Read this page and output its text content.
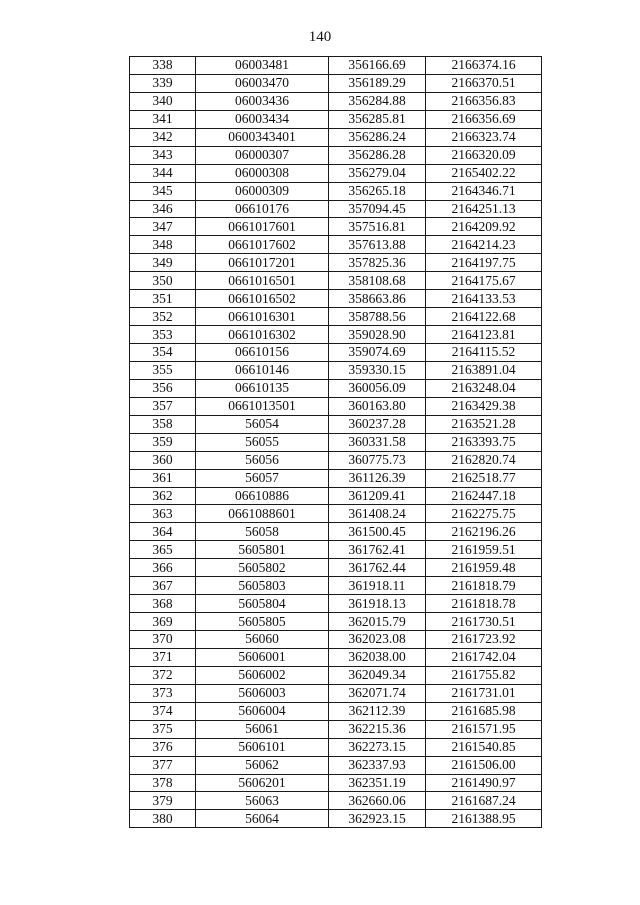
140
338	06003481	356166.69	2166374.16
339	06003470	356189.29	2166370.51
340	06003436	356284.88	2166356.83
341	06003434	356285.81	2166356.69
342	0600343401	356286.24	2166323.74
343	06000307	356286.28	2166320.09
344	06000308	356279.04	2165402.22
345	06000309	356265.18	2164346.71
346	06610176	357094.45	2164251.13
347	0661017601	357516.81	2164209.92
348	0661017602	357613.88	2164214.23
349	0661017201	357825.36	2164197.75
350	0661016501	358108.68	2164175.67
351	0661016502	358663.86	2164133.53
352	0661016301	358788.56	2164122.68
353	0661016302	359028.90	2164123.81
354	06610156	359074.69	2164115.52
355	06610146	359330.15	2163891.04
356	06610135	360056.09	2163248.04
357	0661013501	360163.80	2163429.38
358	56054	360237.28	2163521.28
359	56055	360331.58	2163393.75
360	56056	360775.73	2162820.74
361	56057	361126.39	2162518.77
362	06610886	361209.41	2162447.18
363	0661088601	361408.24	2162275.75
364	56058	361500.45	2162196.26
365	5605801	361762.41	2161959.51
366	5605802	361762.44	2161959.48
367	5605803	361918.11	2161818.79
368	5605804	361918.13	2161818.78
369	5605805	362015.79	2161730.51
370	56060	362023.08	2161723.92
371	5606001	362038.00	2161742.04
372	5606002	362049.34	2161755.82
373	5606003	362071.74	2161731.01
374	5606004	362112.39	2161685.98
375	56061	362215.36	2161571.95
376	5606101	362273.15	2161540.85
377	56062	362337.93	2161506.00
378	5606201	362351.19	2161490.97
379	56063	362660.06	2161687.24
380	56064	362923.15	2161388.95
